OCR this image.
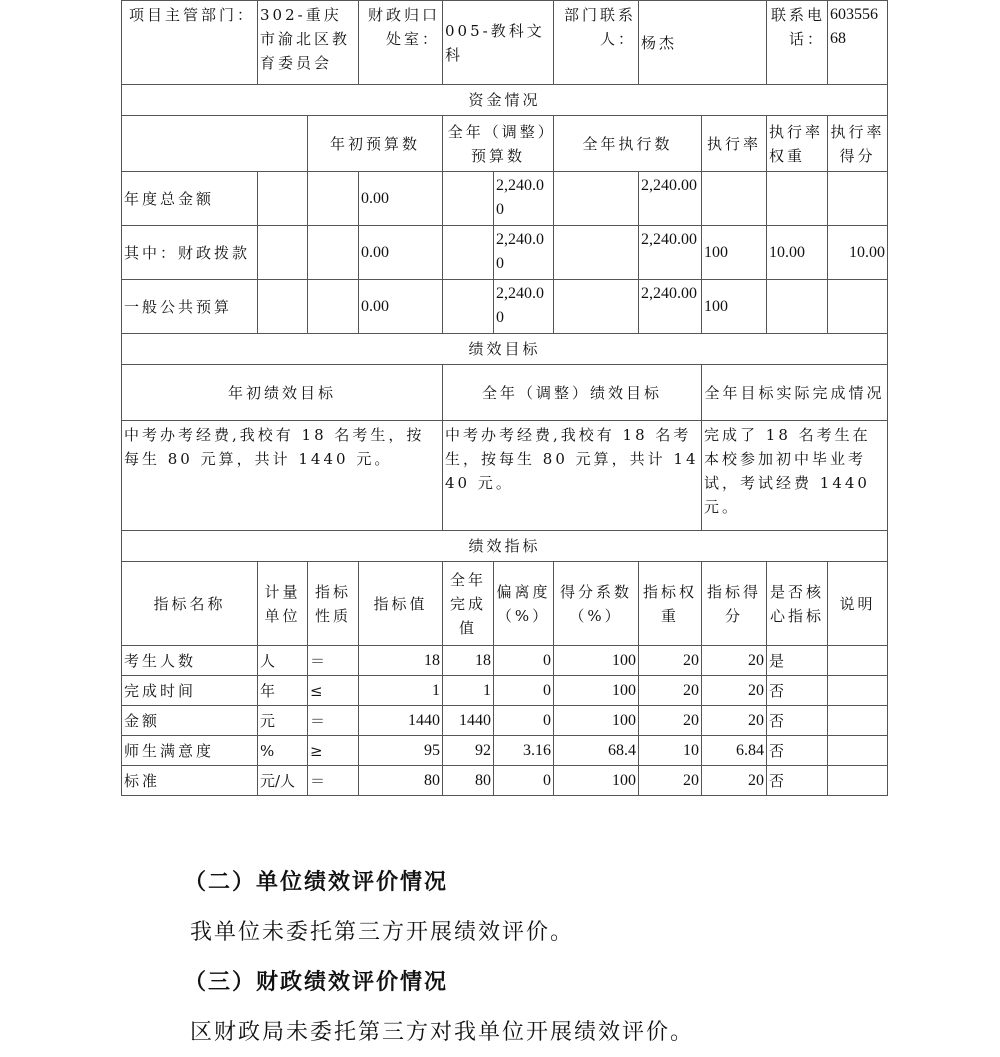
项目主管部门：	302-重庆市渝北区教育委员会		财政归口处室：	005-教科文科		部门联系人：	杨杰		联系电话：	60355668
资金情况										
		年初预算数		全年（调整）预算数		全年执行数		执行率	执行率权重	执行率得分
年度总金额			0.00		2,240.00		2,240.00			
其中：财政拨款			0.00		2,240.00		2,240.00	100	10.00	10.00
一般公共预算			0.00		2,240.00		2,240.00	100		
绩效目标										
年初绩效目标				全年（调整）绩效目标				全年目标实际完成情况		
中考办考经费,我校有 18 名考生，按每生 80 元算，共计 1440 元。				中考办考经费,我校有 18 名考生，按每生 80 元算，共计 1440 元。				完成了 18 名考生在本校参加初中毕业考试，考试经费 1440 元。		
绩效指标										
指标名称	计量单位	指标性质	指标值	全年完成值	偏离度（%）	得分系数（%）	指标权重	指标得分	是否核心指标	说明
考生人数	人	＝	18	18	0	100	20	20	是	
完成时间	年	≤	1	1	0	100	20	20	否	
金额	元	＝	1440	1440	0	100	20	20	否	
师生满意度	%	≥	95	92	3.16	68.4	10	6.84	否	
标准	元/人	＝	80	80	0	100	20	20	否	
（二）单位绩效评价情况
我单位未委托第三方开展绩效评价。
（三）财政绩效评价情况
区财政局未委托第三方对我单位开展绩效评价。
